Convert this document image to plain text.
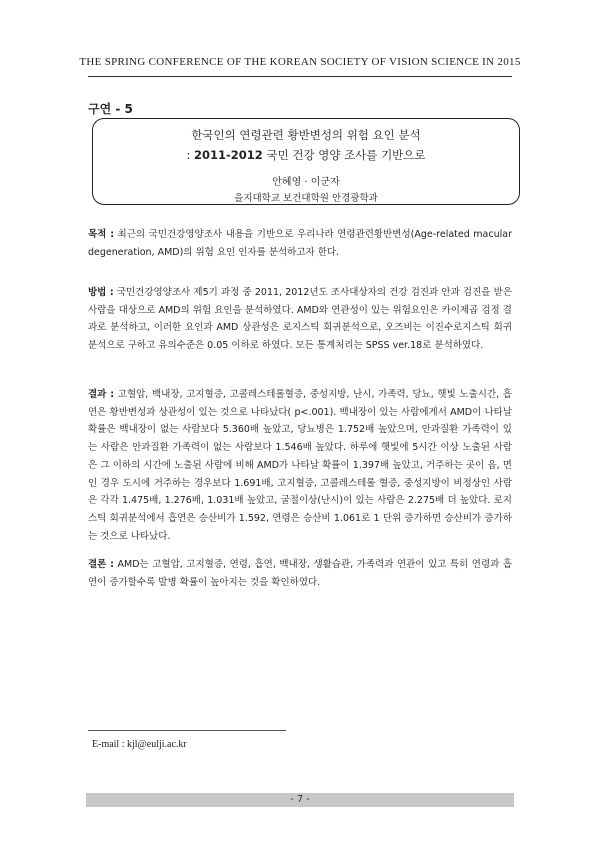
THE SPRING CONFERENCE OF THE KOREAN SOCIETY OF VISION SCIENCE IN 2015
구연 - 5
한국인의 연령관련 황반변성의 위험 요인 분석
: 2011-2012 국민 건강 영양 조사를 기반으로
안혜영 · 이군자
을지대학교 보건대학원 안경광학과

목적 : 최근의 국민건강영양조사 내용을 기반으로 우리나라 연령관련황반변성(Age-related macular degeneration, AMD)의 위험 요인 인자를 분석하고자 한다.

방법 : 국민건강영양조사 제5기 과정 중 2011, 2012년도 조사대상자의 건강 검진과 안과 검진을 받은 사람을 대상으로 AMD의 위험 요인을 분석하였다. AMD와 연관성이 있는 위험요인은 카이제곱 검정 결과로 분석하고, 이러한 요인과 AMD 상관성은 로지스틱 회귀분석으로, 오즈비는 이진수로지스틱 회귀분석으로 구하고 유의수준은 0.05 이하로 하였다. 모든 통계처리는 SPSS ver.18로 분석하였다.

결과 : 고혈압, 백내장, 고지혈증, 고콜레스테롤혈증, 중성지방, 난시, 가족력, 당뇨, 햇빛 노출시간, 흡연은 황반변성과 상관성이 있는 것으로 나타났다( p<.001). 백내장이 있는 사람에게서 AMD이 나타날 확률은 백내장이 없는 사람보다 5.360배 높았고, 당뇨병은 1.752배 높았으며, 안과질환 가족력이 있는 사람은 안과질환 가족력이 없는 사람보다 1.546배 높았다. 하루에 햇빛에 5시간 이상 노출된 사람은 그 이하의 시간에 노출된 사람에 비해 AMD가 나타날 확률이 1.397배 높았고, 거주하는 곳이 읍, 면인 경우 도시에 거주하는 경우보다 1.691배, 고지혈증, 고콜레스테롤 혈증, 중성지방이 비정상인 사람은 각각 1.475배, 1.276배, 1.031배 높았고, 굴절이상(난시)이 있는 사람은 2.275배 더 높았다. 로지스틱 회귀분석에서 흡연은 승산비가 1.592, 연령은 승산비 1.061로 1 단위 증가하면 승산비가 증가하는 것으로 나타났다.

결론 : AMD는 고혈압, 고지혈증, 연령, 흡연, 백내장, 생활습관, 가족력과 연관이 있고 특히 연령과 흡연이 증가할수록 발병 확률이 높아지는 것을 확인하였다.

E-mail : kjl@eulji.ac.kr
- 7 -
